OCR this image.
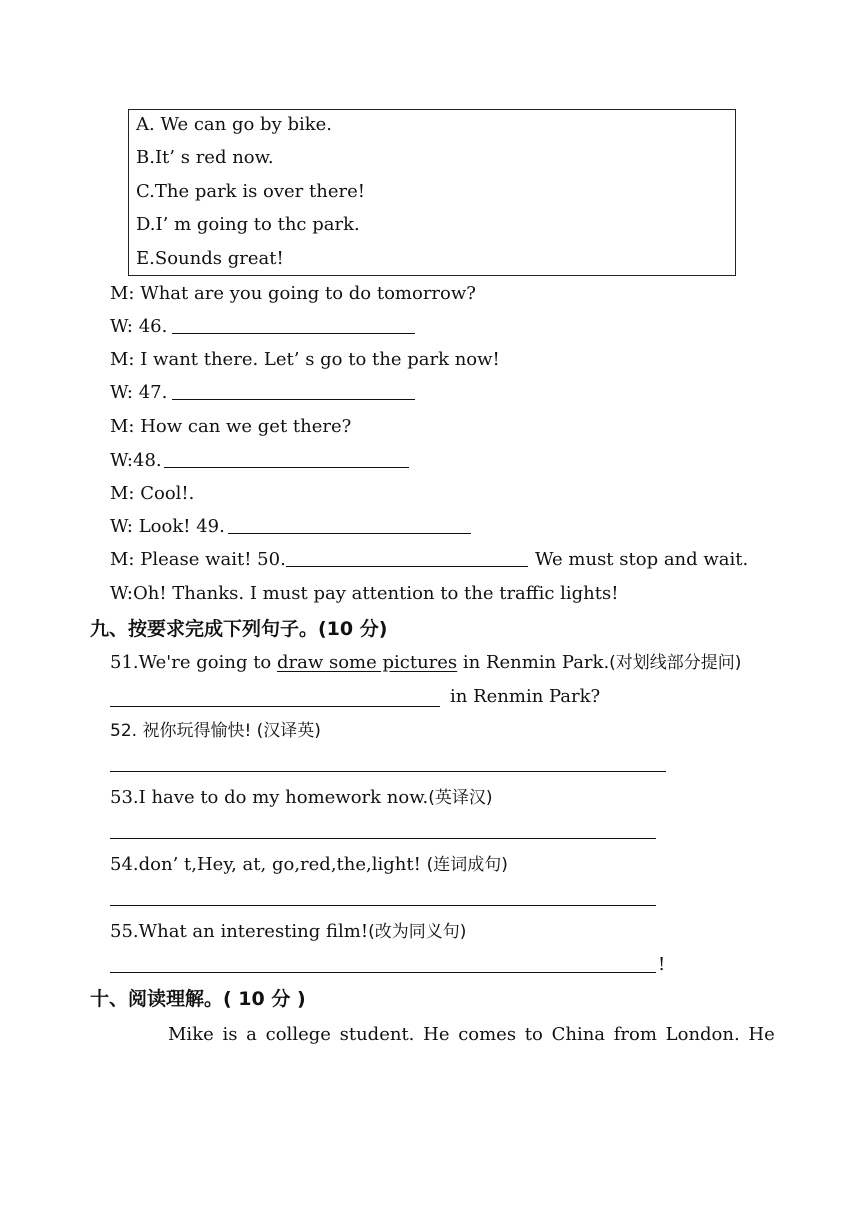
A. We can go by bike.
B.It’ s red now.
C.The park is over there!
D.I’ m going to thc park.
E.Sounds great!
M: What are you going to do tomorrow?
W: 46.
M: I want there. Let’ s go to the park now!
W: 47.
M: How can we get there?
W:48.
M: Cool!.
W: Look! 49.
M: Please wait! 50.	We must stop and wait.
W:Oh! Thanks. I must pay attention to the traffic lights!
九、按要求完成下列句子。(10 分)
51.We're going to draw some pictures in Renmin Park.(对划线部分提问)
in Renmin Park?
52. 祝你玩得愉快! (汉译英)
53.I have to do my homework now.(英译汉)
54.don’ t,Hey, at, go,red,the,light! (连词成句)
55.What an interesting film!(改为同义句)
!
十、阅读理解。( 10 分 )
Mike is a college student. He comes to China from London. He
